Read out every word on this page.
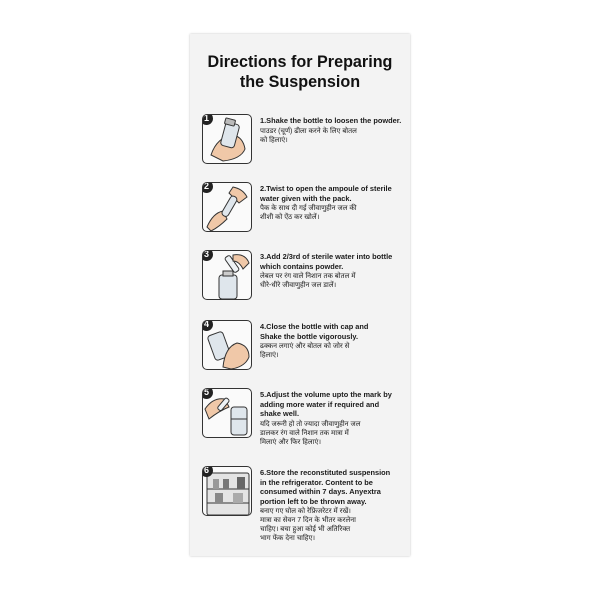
Directions for Preparing
the Suspension
1	1.Shake the bottle to loosen the powder.
पाउडर (चूर्ण) ढीला करने के लिए बोतल
को हिलाएं।
2	2.Twist to open the ampoule of sterile
water given with the pack.
पैक के साथ दी गई जीवाणुहीन जल की
शीशी को ऐंठ कर खोलें।
3	3.Add 2/3rd of sterile water into bottle
which contains powder.
लेबल पर रंग वाले निशान तक बोतल में
धीरे-धीरे जीवाणुहीन जल डालें।
4	4.Close the bottle with cap and
Shake the bottle vigorously.
ढक्कन लगाएं और बोतल को जोर से
हिलाएं।
5	5.Adjust the volume upto the mark by
adding more water if required and
shake well.
यदि जरूरी हो तो ज्यादा जीवाणुहीन जल
डालकर रंग वाले निशान तक मात्रा में
मिलाएं और फिर हिलाएं।
6	6.Store the reconstituted suspension
in the refrigerator. Content to be
consumed within 7 days. Anyextra
portion left to be thrown away.
बनाए गए घोल को रेफ्रिजरेटर में रखें।
मात्रा का सेवन 7 दिन के भीतर करलेना
चाहिए। बचा हुआ कोई भी अतिरिक्त
भाग फेंक देना चाहिए।
